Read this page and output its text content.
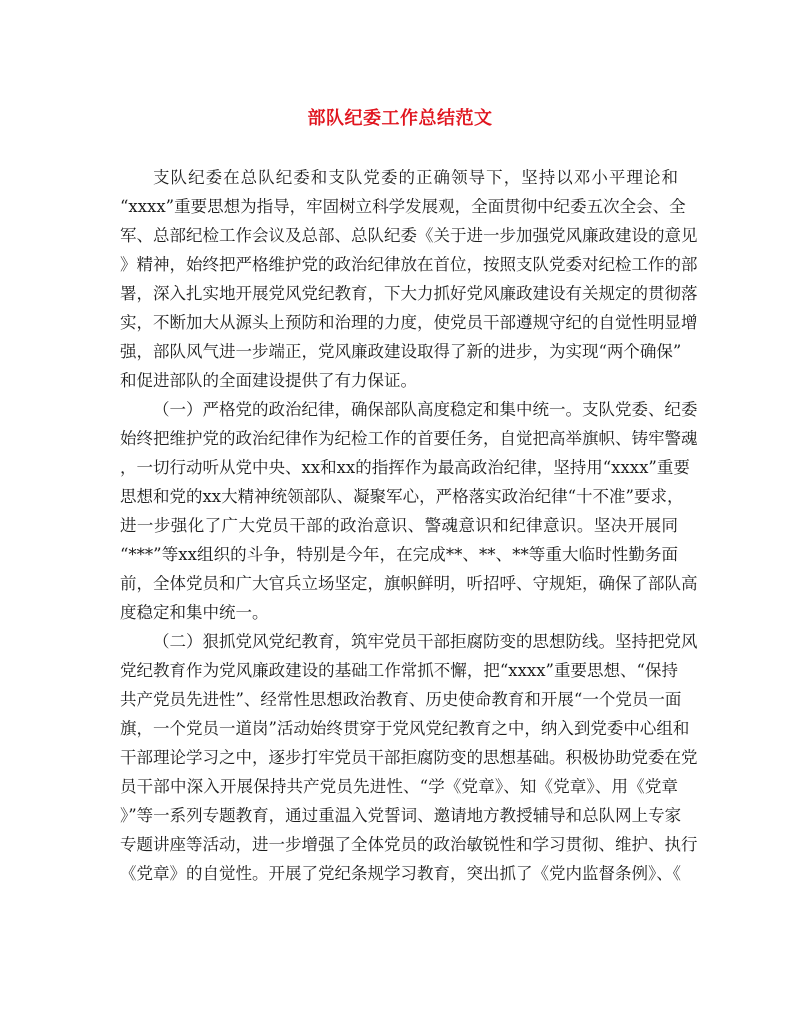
部队纪委工作总结范文
支队纪委在总队纪委和支队党委的正确领导下，坚持以邓小平理论和
“xxxx”重要思想为指导，牢固树立科学发展观，全面贯彻中纪委五次全会、全
军、总部纪检工作会议及总部、总队纪委《关于进一步加强党风廉政建设的意见
》精神，始终把严格维护党的政治纪律放在首位，按照支队党委对纪检工作的部
署，深入扎实地开展党风党纪教育，下大力抓好党风廉政建设有关规定的贯彻落
实，不断加大从源头上预防和治理的力度，使党员干部遵规守纪的自觉性明显增
强，部队风气进一步端正，党风廉政建设取得了新的进步，为实现“两个确保”
和促进部队的全面建设提供了有力保证。
（一）严格党的政治纪律，确保部队高度稳定和集中统一。支队党委、纪委
始终把维护党的政治纪律作为纪检工作的首要任务，自觉把高举旗帜、铸牢警魂
，一切行动听从党中央、xx和xx的指挥作为最高政治纪律，坚持用“xxxx”重要
思想和党的xx大精神统领部队、凝聚军心，严格落实政治纪律“十不准”要求，
进一步强化了广大党员干部的政治意识、警魂意识和纪律意识。坚决开展同
“***”等xx组织的斗争，特别是今年，在完成**、**、**等重大临时性勤务面
前，全体党员和广大官兵立场坚定，旗帜鲜明，听招呼、守规矩，确保了部队高
度稳定和集中统一。
（二）狠抓党风党纪教育，筑牢党员干部拒腐防变的思想防线。坚持把党风
党纪教育作为党风廉政建设的基础工作常抓不懈，把“xxxx”重要思想、“保持
共产党员先进性”、经常性思想政治教育、历史使命教育和开展“一个党员一面
旗，一个党员一道岗”活动始终贯穿于党风党纪教育之中，纳入到党委中心组和
干部理论学习之中，逐步打牢党员干部拒腐防变的思想基础。积极协助党委在党
员干部中深入开展保持共产党员先进性、“学《党章》、知《党章》、用《党章
》”等一系列专题教育，通过重温入党誓词、邀请地方教授辅导和总队网上专家
专题讲座等活动，进一步增强了全体党员的政治敏锐性和学习贯彻、维护、执行
《党章》的自觉性。开展了党纪条规学习教育，突出抓了《党内监督条例》、《
